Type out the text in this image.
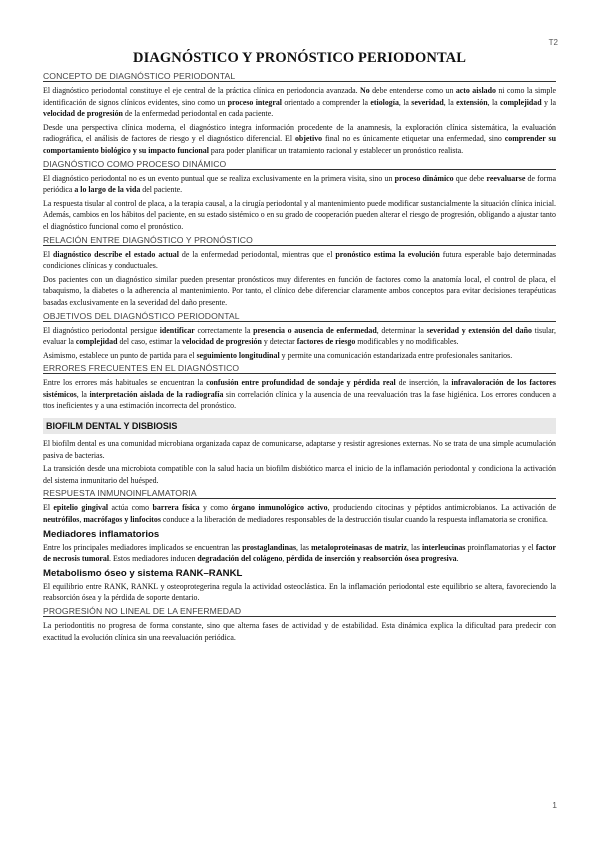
T2
DIAGNÓSTICO Y PRONÓSTICO PERIODONTAL
CONCEPTO DE DIAGNÓSTICO PERIODONTAL

El diagnóstico periodontal constituye el eje central de la práctica clínica en periodoncia avanzada. No debe entenderse como un acto aislado ni como la simple identificación de signos clínicos evidentes, sino como un proceso integral orientado a comprender la etiología, la severidad, la extensión, la complejidad y la velocidad de progresión de la enfermedad periodontal en cada paciente.

Desde una perspectiva clínica moderna, el diagnóstico integra información procedente de la anamnesis, la exploración clínica sistemática, la evaluación radiográfica, el análisis de factores de riesgo y el diagnóstico diferencial. El objetivo final no es únicamente etiquetar una enfermedad, sino comprender su comportamiento biológico y su impacto funcional para poder planificar un tratamiento racional y establecer un pronóstico realista.

DIAGNÓSTICO COMO PROCESO DINÁMICO

El diagnóstico periodontal no es un evento puntual que se realiza exclusivamente en la primera visita, sino un proceso dinámico que debe reevaluarse de forma periódica a lo largo de la vida del paciente.

La respuesta tisular al control de placa, a la terapia causal, a la cirugía periodontal y al mantenimiento puede modificar sustancialmente la situación clínica inicial. Además, cambios en los hábitos del paciente, en su estado sistémico o en su grado de cooperación pueden alterar el riesgo de progresión, obligando a ajustar tanto el diagnóstico funcional como el pronóstico.

RELACIÓN ENTRE DIAGNÓSTICO Y PRONÓSTICO

El diagnóstico describe el estado actual de la enfermedad periodontal, mientras que el pronóstico estima la evolución futura esperable bajo determinadas condiciones clínicas y conductuales.

Dos pacientes con un diagnóstico similar pueden presentar pronósticos muy diferentes en función de factores como la anatomía local, el control de placa, el tabaquismo, la diabetes o la adherencia al mantenimiento. Por tanto, el clínico debe diferenciar claramente ambos conceptos para evitar decisiones terapéuticas basadas exclusivamente en la severidad del daño presente.

OBJETIVOS DEL DIAGNÓSTICO PERIODONTAL

El diagnóstico periodontal persigue identificar correctamente la presencia o ausencia de enfermedad, determinar la severidad y extensión del daño tisular, evaluar la complejidad del caso, estimar la velocidad de progresión y detectar factores de riesgo modificables y no modificables.

Asimismo, establece un punto de partida para el seguimiento longitudinal y permite una comunicación estandarizada entre profesionales sanitarios.

ERRORES FRECUENTES EN EL DIAGNÓSTICO

Entre los errores más habituales se encuentran la confusión entre profundidad de sondaje y pérdida real de inserción, la infravaloración de los factores sistémicos, la interpretación aislada de la radiografía sin correlación clínica y la ausencia de una reevaluación tras la fase higiénica. Los errores conducen a ttos ineficientes y a una estimación incorrecta del pronóstico.

BIOFILM DENTAL Y DISBIOSIS

El biofilm dental es una comunidad microbiana organizada capaz de comunicarse, adaptarse y resistir agresiones externas. No se trata de una simple acumulación pasiva de bacterias.

La transición desde una microbiota compatible con la salud hacia un biofilm disbiótico marca el inicio de la inflamación periodontal y condiciona la activación del sistema inmunitario del huésped.

RESPUESTA INMUNOINFLAMATORIA

El epitelio gingival actúa como barrera física y como órgano inmunológico activo, produciendo citocinas y péptidos antimicrobianos. La activación de neutrófilos, macrófagos y linfocitos conduce a la liberación de mediadores responsables de la destrucción tisular cuando la respuesta inflamatoria se cronifica.

Mediadores inflamatorios

Entre los principales mediadores implicados se encuentran las prostaglandinas, las metaloproteinasas de matriz, las interleucinas proinflamatorias y el factor de necrosis tumoral. Estos mediadores inducen degradación del colágeno, pérdida de inserción y reabsorción ósea progresiva.

Metabolismo óseo y sistema RANK–RANKL

El equilibrio entre RANK, RANKL y osteoprotegerina regula la actividad osteoclástica. En la inflamación periodontal este equilibrio se altera, favoreciendo la reabsorción ósea y la pérdida de soporte dentario.

PROGRESIÓN NO LINEAL DE LA ENFERMEDAD

La periodontitis no progresa de forma constante, sino que alterna fases de actividad y de estabilidad. Esta dinámica explica la dificultad para predecir con exactitud la evolución clínica sin una reevaluación periódica.

1
